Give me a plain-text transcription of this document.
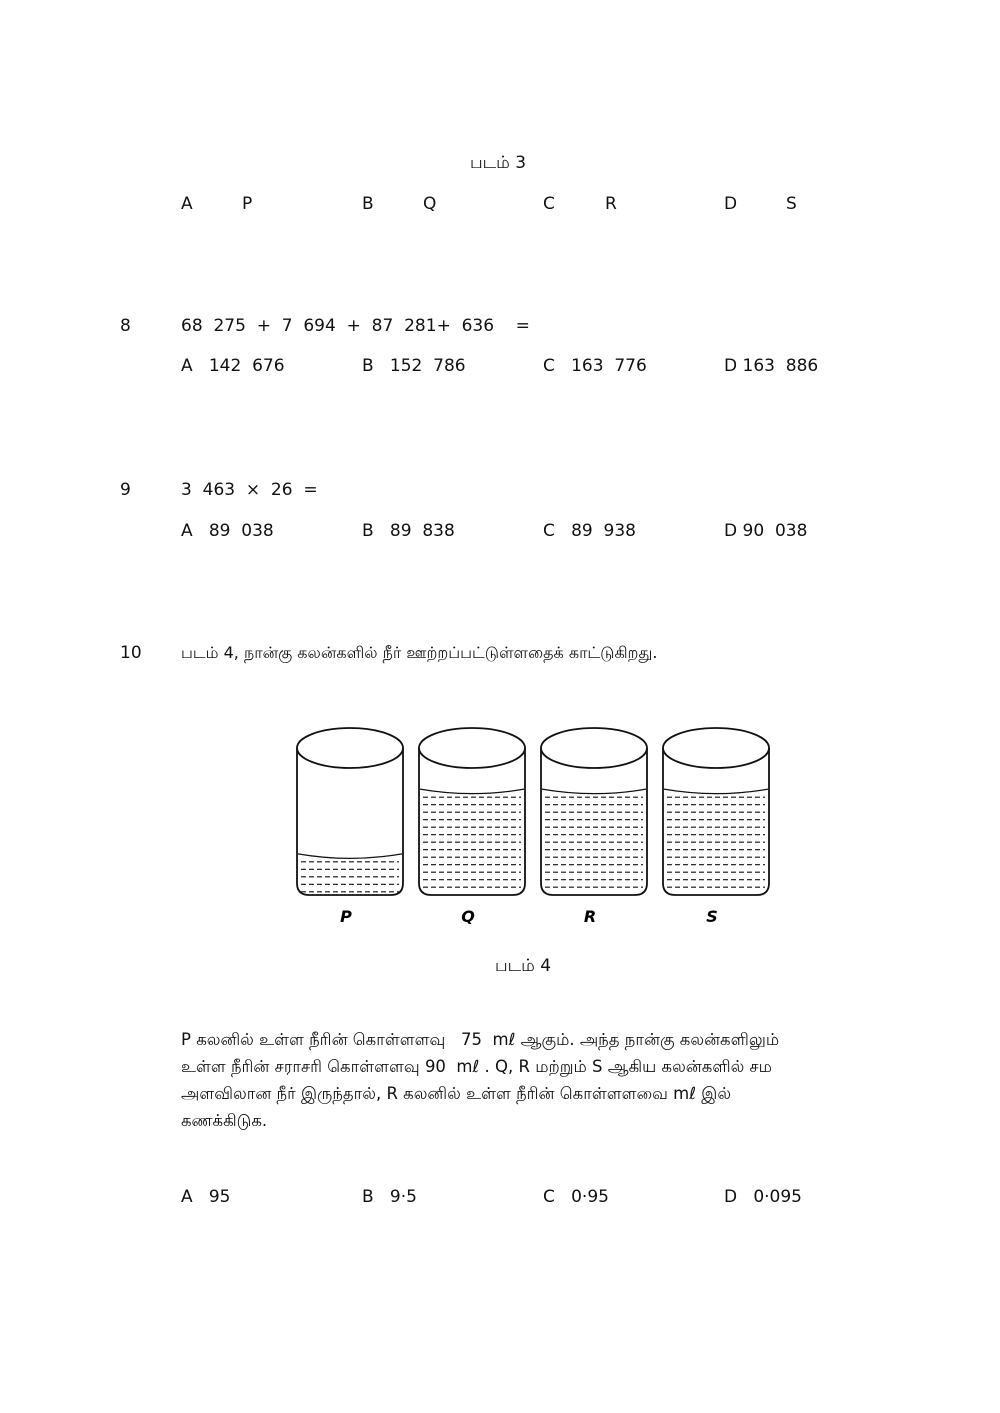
படம் 3
A	P	B	Q	C	R	D	S
8	68  275  +  7  694  +  87  281+  636    =
A 142  676	B 152  786	C 163  776	D 163  886
9	3  463  ×  26  =
A 89  038	B 89  838	C 89  938	D 90  038
10 படம் 4, நான்கு கலன்களில் நீர் ஊற்றப்பட்டுள்ளதைக் காட்டுகிறது.
P	Q	R	S
படம் 4
P கலனில் உள்ள நீரின் கொள்ளளவு   75  mℓ ஆகும். அந்த நான்கு கலன்களிலும்
உள்ள நீரின் சராசரி கொள்ளளவு 90  mℓ . Q, R மற்றும் S ஆகிய கலன்களில் சம
அளவிலான நீர் இருந்தால், R கலனில் உள்ள நீரின் கொள்ளளவை mℓ இல்
கணக்கிடுக.
A 95	B 9·5	C 0·95	D 0·095
